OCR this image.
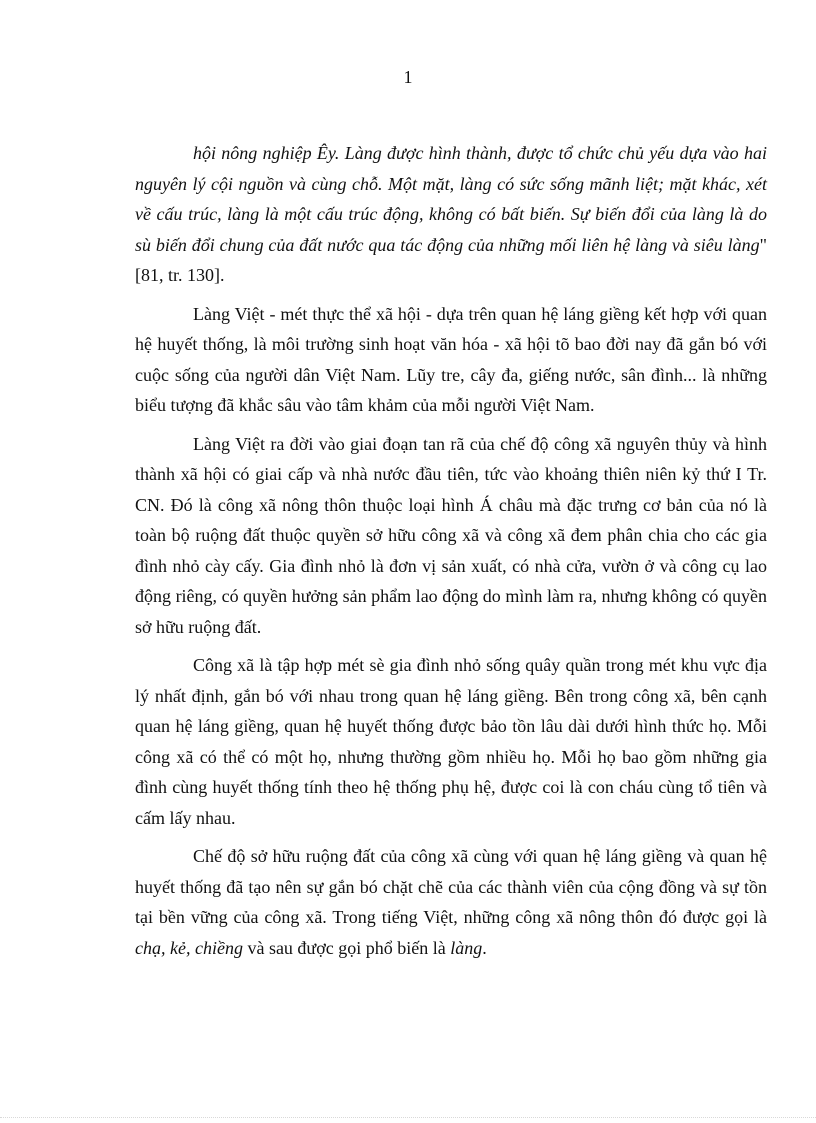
1

hội nông nghiệp Êy. Làng được hình thành, được tổ chức chủ yếu dựa vào hai nguyên lý cội nguồn và cùng chỗ. Một mặt, làng có sức sống mãnh liệt; mặt khác, xét về cấu trúc, làng là một cấu trúc động, không có bất biến. Sự biến đổi của làng là do sù biến đổi chung của đất nước qua tác động của những mối liên hệ làng và siêu làng" [81, tr. 130].

Làng Việt - mét thực thể xã hội - dựa trên quan hệ láng giềng kết hợp với quan hệ huyết thống, là môi trường sinh hoạt văn hóa - xã hội tõ bao đời nay đã gắn bó với cuộc sống của người dân Việt Nam. Lũy tre, cây đa, giếng nước, sân đình... là những biểu tượng đã khắc sâu vào tâm khảm của mỗi người Việt Nam.

Làng Việt ra đời vào giai đoạn tan rã của chế độ công xã nguyên thủy và hình thành xã hội có giai cấp và nhà nước đầu tiên, tức vào khoảng thiên niên kỷ thứ I Tr. CN. Đó là công xã nông thôn thuộc loại hình Á châu mà đặc trưng cơ bản của nó là toàn bộ ruộng đất thuộc quyền sở hữu công xã và công xã đem phân chia cho các gia đình nhỏ cày cấy. Gia đình nhỏ là đơn vị sản xuất, có nhà cửa, vườn ở và công cụ lao động riêng, có quyền hưởng sản phẩm lao động do mình làm ra, nhưng không có quyền sở hữu ruộng đất.

Công xã là tập hợp mét sè gia đình nhỏ sống quây quần trong mét khu vực địa lý nhất định, gắn bó với nhau trong quan hệ láng giềng. Bên trong công xã, bên cạnh quan hệ láng giềng, quan hệ huyết thống được bảo tồn lâu dài dưới hình thức họ. Mỗi công xã có thể có một họ, nhưng thường gồm nhiều họ. Mỗi họ bao gồm những gia đình cùng huyết thống tính theo hệ thống phụ hệ, được coi là con cháu cùng tổ tiên và cấm lấy nhau.

Chế độ sở hữu ruộng đất của công xã cùng với quan hệ láng giềng và quan hệ huyết thống đã tạo nên sự gắn bó chặt chẽ của các thành viên của cộng đồng và sự tồn tại bền vững của công xã. Trong tiếng Việt, những công xã nông thôn đó được gọi là chạ, kẻ, chiềng và sau được gọi phổ biến là làng.
